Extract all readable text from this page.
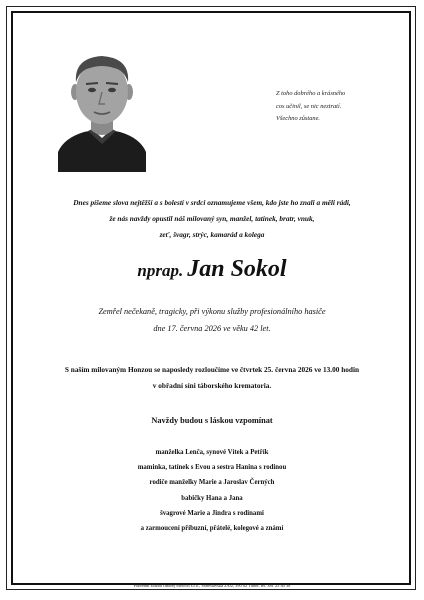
Z toho dobrého a krásného
cos učinil, se nic neztratí.
Všechno zůstane.
Dnes píšeme slova nejtěžší a s bolestí v srdci oznamujeme všem, kdo jste ho znali a měli rádi,
že nás navždy opustil náš milovaný syn, manžel, tatínek, bratr, vnuk,
zeť, švagr, strýc, kamarád a kolega
nprap. Jan Sokol
Zemřel nečekaně, tragicky, při výkonu služby profesionálního hasiče
dne 17. června 2026 ve věku 42 let.
S naším milovaným Honzou se naposledy rozloučíme ve čtvrtek 25. června 2026 ve 13.00 hodin
v obřadní síni táborského krematoria.
Navždy budou s láskou vzpomínat
manželka Lenča, synové Vítek a Petřík
maminka, tatínek s Evou a sestra Hanina s rodinou
rodiče manželky Marie a Jaroslav Černých
babičky Hana a Jana
švagrové Marie a Jindra s rodinami
a zarmoucení příbuzní, přátelé, kolegové a známí
Pohřební služba Ondřej Meloch s.r.o., Soběslavská 2502, 390 02 Tábor, tel. 381 25 40 38
